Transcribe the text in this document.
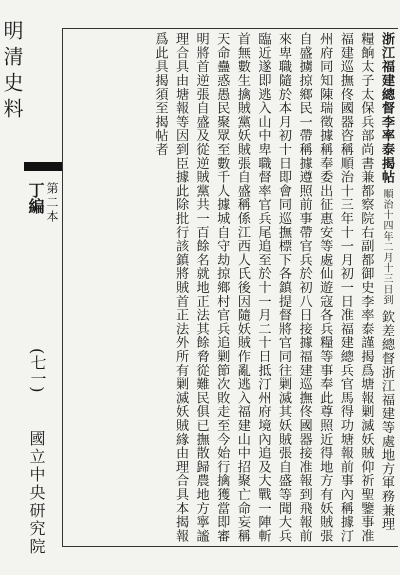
明清史料
丁編 第二本
(七一)
國立中央研究院
浙江福建總督李率泰揭帖 順治十四年二月十三日到 欽差總督浙江福建等處地方軍務兼理糧餉太子太保兵部尚書兼都察院右副都御史李率泰謹揭爲塘報剿滅妖賊仰祈聖鑒事准福建巡撫佟國器咨稱順治十三年十一月初一日准福建總兵官馬得功塘報前事內稱據汀州府同知陳瑞徵據稱奉委出征惠安等處仙遊寇各兵糧等事奉此尊照近得地方有妖賊張自盛擄掠鄉民一帶稱據遵照前事帶官兵於初八日接據福建巡撫佟國器接准報到飛報前來卑職隨於本月初十日即會同巡撫標下各鎮提督將官同往剿滅其妖賊張自盛等聞大兵臨近遂即逃入山中卑職督率官兵尾追至於十一月二十日抵汀州府境內追及大戰一陣斬首無數生擒賊黨妖賊張自盛稱係江西人氏後因隨妖賊作亂逃入福建山中招聚亡命妄稱天命蠱惑愚民聚眾至數千人據城自守劫掠鄉村官兵追剿節次敗走至今始行擒獲當即審明將首逆張自盛及從逆賊黨共一百餘名就地正法其餘脅從難民俱已撫散歸農地方寧謐理合具由塘報等因到臣據此除批行該鎮將賊首正法外所有剿滅妖賊緣由理合具本揭報爲此具揭須至揭帖者
